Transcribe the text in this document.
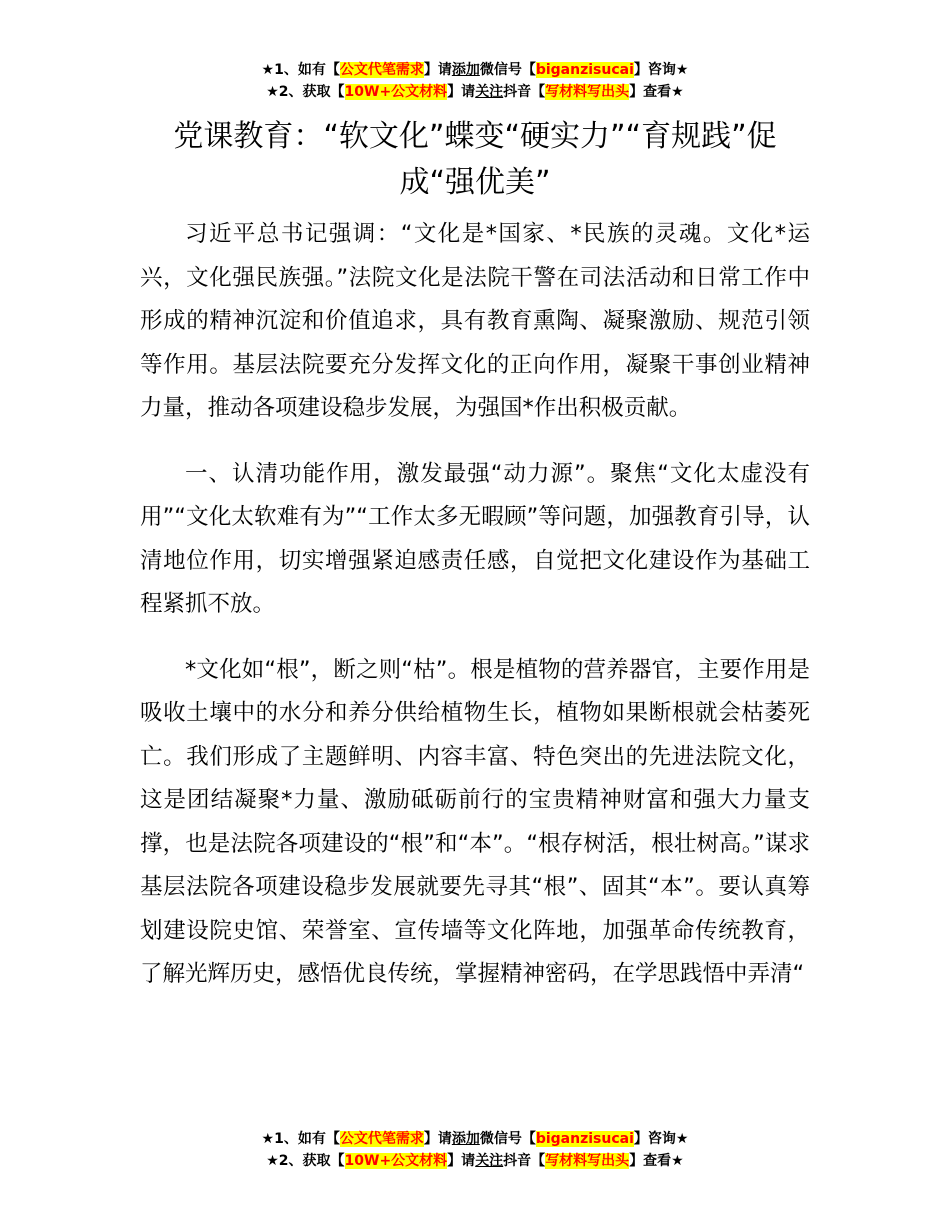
★1、如有【公文代笔需求】请添加微信号【biganzisucai】咨询★
★2、获取【10W+公文材料】请关注抖音【写材料写出头】查看★
党课教育：“软文化”蝶变“硬实力”“育规践”促成“强优美”

习近平总书记强调：“文化是*国家、*民族的灵魂。文化*运兴，文化强民族强。”法院文化是法院干警在司法活动和日常工作中形成的精神沉淀和价值追求，具有教育熏陶、凝聚激励、规范引领等作用。基层法院要充分发挥文化的正向作用，凝聚干事创业精神力量，推动各项建设稳步发展，为强国*作出积极贡献。

一、认清功能作用，激发最强“动力源”。聚焦“文化太虚没有用”“文化太软难有为”“工作太多无暇顾”等问题，加强教育引导，认清地位作用，切实增强紧迫感责任感，自觉把文化建设作为基础工程紧抓不放。

*文化如“根”，断之则“枯”。根是植物的营养器官，主要作用是吸收土壤中的水分和养分供给植物生长，植物如果断根就会枯萎死亡。我们形成了主题鲜明、内容丰富、特色突出的先进法院文化，这是团结凝聚*力量、激励砥砺前行的宝贵精神财富和强大力量支撑，也是法院各项建设的“根”和“本”。“根存树活，根壮树高。”谋求基层法院各项建设稳步发展就要先寻其“根”、固其“本”。要认真筹划建设院史馆、荣誉室、宣传墙等文化阵地，加强革命传统教育，了解光辉历史，感悟优良传统，掌握精神密码，在学思践悟中弄清“

★1、如有【公文代笔需求】请添加微信号【biganzisucai】咨询★
★2、获取【10W+公文材料】请关注抖音【写材料写出头】查看★
